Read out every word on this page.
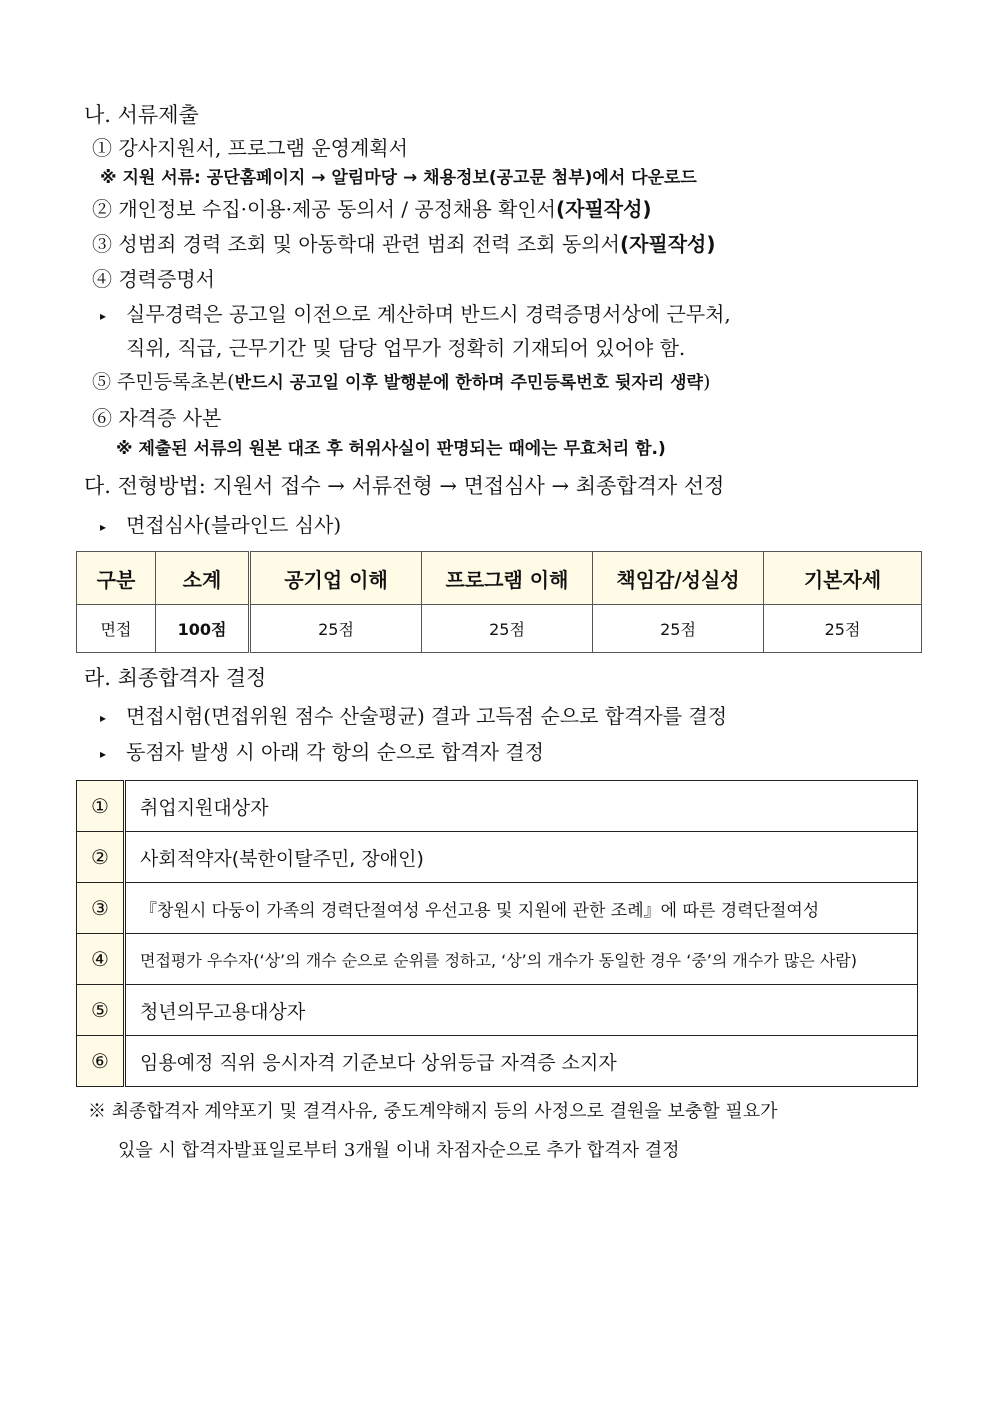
나. 서류제출
① 강사지원서, 프로그램 운영계획서
※ 지원 서류: 공단홈페이지 → 알림마당 → 채용정보(공고문 첨부)에서 다운로드
② 개인정보 수집·이용·제공 동의서 / 공정채용 확인서(자필작성)
③ 성범죄 경력 조회 및 아동학대 관련 범죄 전력 조회 동의서(자필작성)
④ 경력증명서
▸ 실무경력은 공고일 이전으로 계산하며 반드시 경력증명서상에 근무처,
직위, 직급, 근무기간 및 담당 업무가 정확히 기재되어 있어야 함.
⑤ 주민등록초본(반드시 공고일 이후 발행분에 한하며 주민등록번호 뒷자리 생략)
⑥ 자격증 사본
※ 제출된 서류의 원본 대조 후 허위사실이 판명되는 때에는 무효처리 함.)
다. 전형방법: 지원서 접수 → 서류전형 → 면접심사 → 최종합격자 선정
▸ 면접심사(블라인드 심사)
구분	소계	공기업 이해	프로그램 이해	책임감/성실성	기본자세
면접	100점	25점	25점	25점	25점
라. 최종합격자 결정
▸ 면접시험(면접위원 점수 산술평균) 결과 고득점 순으로 합격자를 결정
▸ 동점자 발생 시 아래 각 항의 순으로 합격자 결정
①	취업지원대상자
②	사회적약자(북한이탈주민, 장애인)
③	『창원시 다둥이 가족의 경력단절여성 우선고용 및 지원에 관한 조례』에 따른 경력단절여성
④	면접평가 우수자(‘상’의 개수 순으로 순위를 정하고, ‘상’의 개수가 동일한 경우 ‘중’의 개수가 많은 사람)
⑤	청년의무고용대상자
⑥	임용예정 직위 응시자격 기준보다 상위등급 자격증 소지자
※ 최종합격자 계약포기 및 결격사유, 중도계약해지 등의 사정으로 결원을 보충할 필요가
있을 시 합격자발표일로부터 3개월 이내 차점자순으로 추가 합격자 결정
